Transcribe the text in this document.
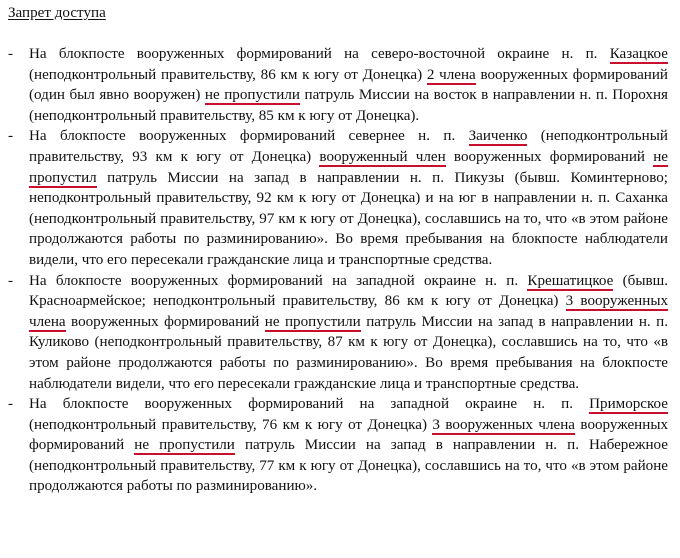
Запрет доступа
- На блокпосте вооруженных формирований на северо-восточной окраине н. п. Казацкое (неподконтрольный правительству, 86 км к югу от Донецка) 2 члена вооруженных формирований (один был явно вооружен) не пропустили патруль Миссии на восток в направлении н. п. Порохня (неподконтрольный правительству, 85 км к югу от Донецка).
- На блокпосте вооруженных формирований севернее н. п. Заиченко (неподконтрольный правительству, 93 км к югу от Донецка) вооруженный член вооруженных формирований не пропустил патруль Миссии на запад в направлении н. п. Пикузы (бывш. Коминтерново; неподконтрольный правительству, 92 км к югу от Донецка) и на юг в направлении н. п. Саханка (неподконтрольный правительству, 97 км к югу от Донецка), сославшись на то, что «в этом районе продолжаются работы по разминированию». Во время пребывания на блокпосте наблюдатели видели, что его пересекали гражданские лица и транспортные средства.
- На блокпосте вооруженных формирований на западной окраине н. п. Крешатицкое (бывш. Красноармейское; неподконтрольный правительству, 86 км к югу от Донецка) 3 вооруженных члена вооруженных формирований не пропустили патруль Миссии на запад в направлении н. п. Куликово (неподконтрольный правительству, 87 км к югу от Донецка), сославшись на то, что «в этом районе продолжаются работы по разминированию». Во время пребывания на блокпосте наблюдатели видели, что его пересекали гражданские лица и транспортные средства.
- На блокпосте вооруженных формирований на западной окраине н. п. Приморское (неподконтрольный правительству, 76 км к югу от Донецка) 3 вооруженных члена вооруженных формирований не пропустили патруль Миссии на запад в направлении н. п. Набережное (неподконтрольный правительству, 77 км к югу от Донецка), сославшись на то, что «в этом районе продолжаются работы по разминированию».
